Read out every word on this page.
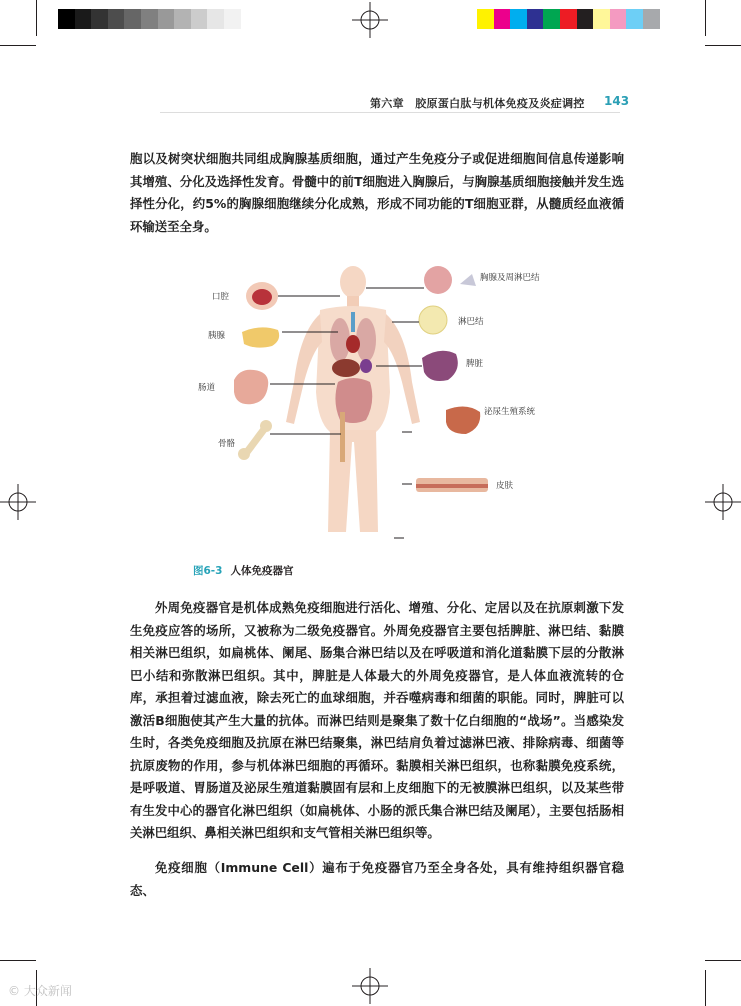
第六章　胶原蛋白肽与机体免疫及炎症调控 143
胞以及树突状细胞共同组成胸腺基质细胞，通过产生免疫分子或促进细胞间信息传递影响其增殖、分化及选择性发育。骨髓中的前T细胞进入胸腺后，与胸腺基质细胞接触并发生选择性分化，约5%的胸腺细胞继续分化成熟，形成不同功能的T细胞亚群，从髓质经血液循环输送至全身。
口腔
胰腺
肠道
骨骼
胸腺及周淋巴结
淋巴结
脾脏
泌尿生殖系统
皮肤
图6-3 人体免疫器官
外周免疫器官是机体成熟免疫细胞进行活化、增殖、分化、定居以及在抗原刺激下发生免疫应答的场所，又被称为二级免疫器官。外周免疫器官主要包括脾脏、淋巴结、黏膜相关淋巴组织，如扁桃体、阑尾、肠集合淋巴结以及在呼吸道和消化道黏膜下层的分散淋巴小结和弥散淋巴组织。其中，脾脏是人体最大的外周免疫器官，是人体血液流转的仓库，承担着过滤血液，除去死亡的血球细胞，并吞噬病毒和细菌的职能。同时，脾脏可以激活B细胞使其产生大量的抗体。而淋巴结则是聚集了数十亿白细胞的“战场”。当感染发生时，各类免疫细胞及抗原在淋巴结聚集，淋巴结肩负着过滤淋巴液、排除病毒、细菌等抗原废物的作用，参与机体淋巴细胞的再循环。黏膜相关淋巴组织，也称黏膜免疫系统，是呼吸道、胃肠道及泌尿生殖道黏膜固有层和上皮细胞下的无被膜淋巴组织，以及某些带有生发中心的器官化淋巴组织（如扁桃体、小肠的派氏集合淋巴结及阑尾），主要包括肠相关淋巴组织、鼻相关淋巴组织和支气管相关淋巴组织等。
免疫细胞（Immune Cell）遍布于免疫器官乃至全身各处，具有维持组织器官稳态、
© 大众新闻
